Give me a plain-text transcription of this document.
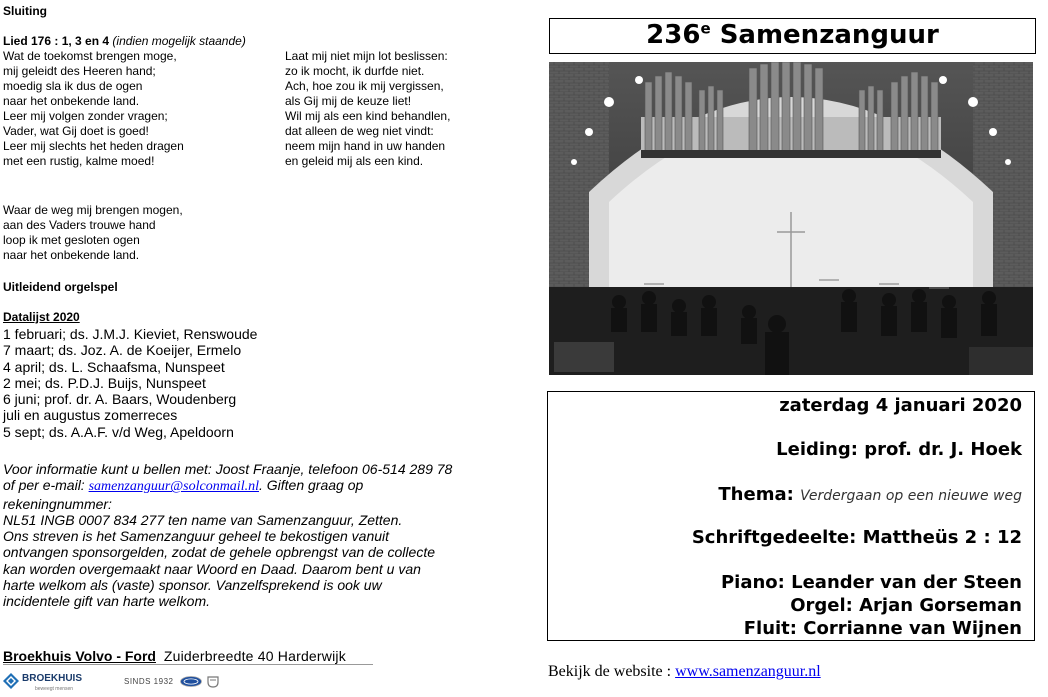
Sluiting
Lied 176 : 1, 3 en 4 (indien mogelijk staande)
Wat de toekomst brengen moge,
mij geleidt des Heeren hand;
moedig sla ik dus de ogen
naar het onbekende land.
Leer mij volgen zonder vragen;
Vader, wat Gij doet is goed!
Leer mij slechts het heden dragen
met een rustig, kalme moed!
Laat mij niet mijn lot beslissen:
zo ik mocht, ik durfde niet.
Ach, hoe zou ik mij vergissen,
als Gij mij de keuze liet!
Wil mij als een kind behandlen,
dat alleen de weg niet vindt:
neem mijn hand in uw handen
en geleid mij als een kind.
Waar de weg mij brengen mogen,
aan des Vaders trouwe hand
loop ik met gesloten ogen
naar het onbekende land.
Uitleidend orgelspel
Datalijst 2020
1 februari; ds. J.M.J. Kieviet, Renswoude
7 maart; ds. Joz. A. de Koeijer, Ermelo
4 april; ds. L. Schaafsma, Nunspeet
2 mei; ds. P.D.J. Buijs, Nunspeet
6 juni; prof. dr. A. Baars, Woudenberg
juli en augustus zomerreces
5 sept; ds. A.A.F. v/d Weg, Apeldoorn
Voor informatie kunt u bellen met: Joost Fraanje, telefoon 06-514 289 78
of per e-mail: samenzanguur@solconmail.nl. Giften graag op
rekeningnummer:
NL51 INGB 0007 834 277 ten name van Samenzanguur, Zetten.
Ons streven is het Samenzanguur geheel te bekostigen vanuit
ontvangen sponsorgelden, zodat de gehele opbrengst van de collecte
kan worden overgemaakt naar Woord en Daad. Daarom bent u van
harte welkom als (vaste) sponsor. Vanzelfsprekend is ook uw
incidentele gift van harte welkom.
Broekhuis Volvo - Ford Zuiderbreedte 40 Harderwijk
BROEKHUIS
beweegt mensen
SINDS 1932
236e Samenzanguur
zaterdag 4 januari 2020
Leiding: prof. dr. J. Hoek
Thema: Verdergaan op een nieuwe weg
Schriftgedeelte: Mattheüs 2 : 12
Piano: Leander van der Steen
Orgel: Arjan Gorseman
Fluit: Corrianne van Wijnen
Bekijk de website : www.samenzanguur.nl
